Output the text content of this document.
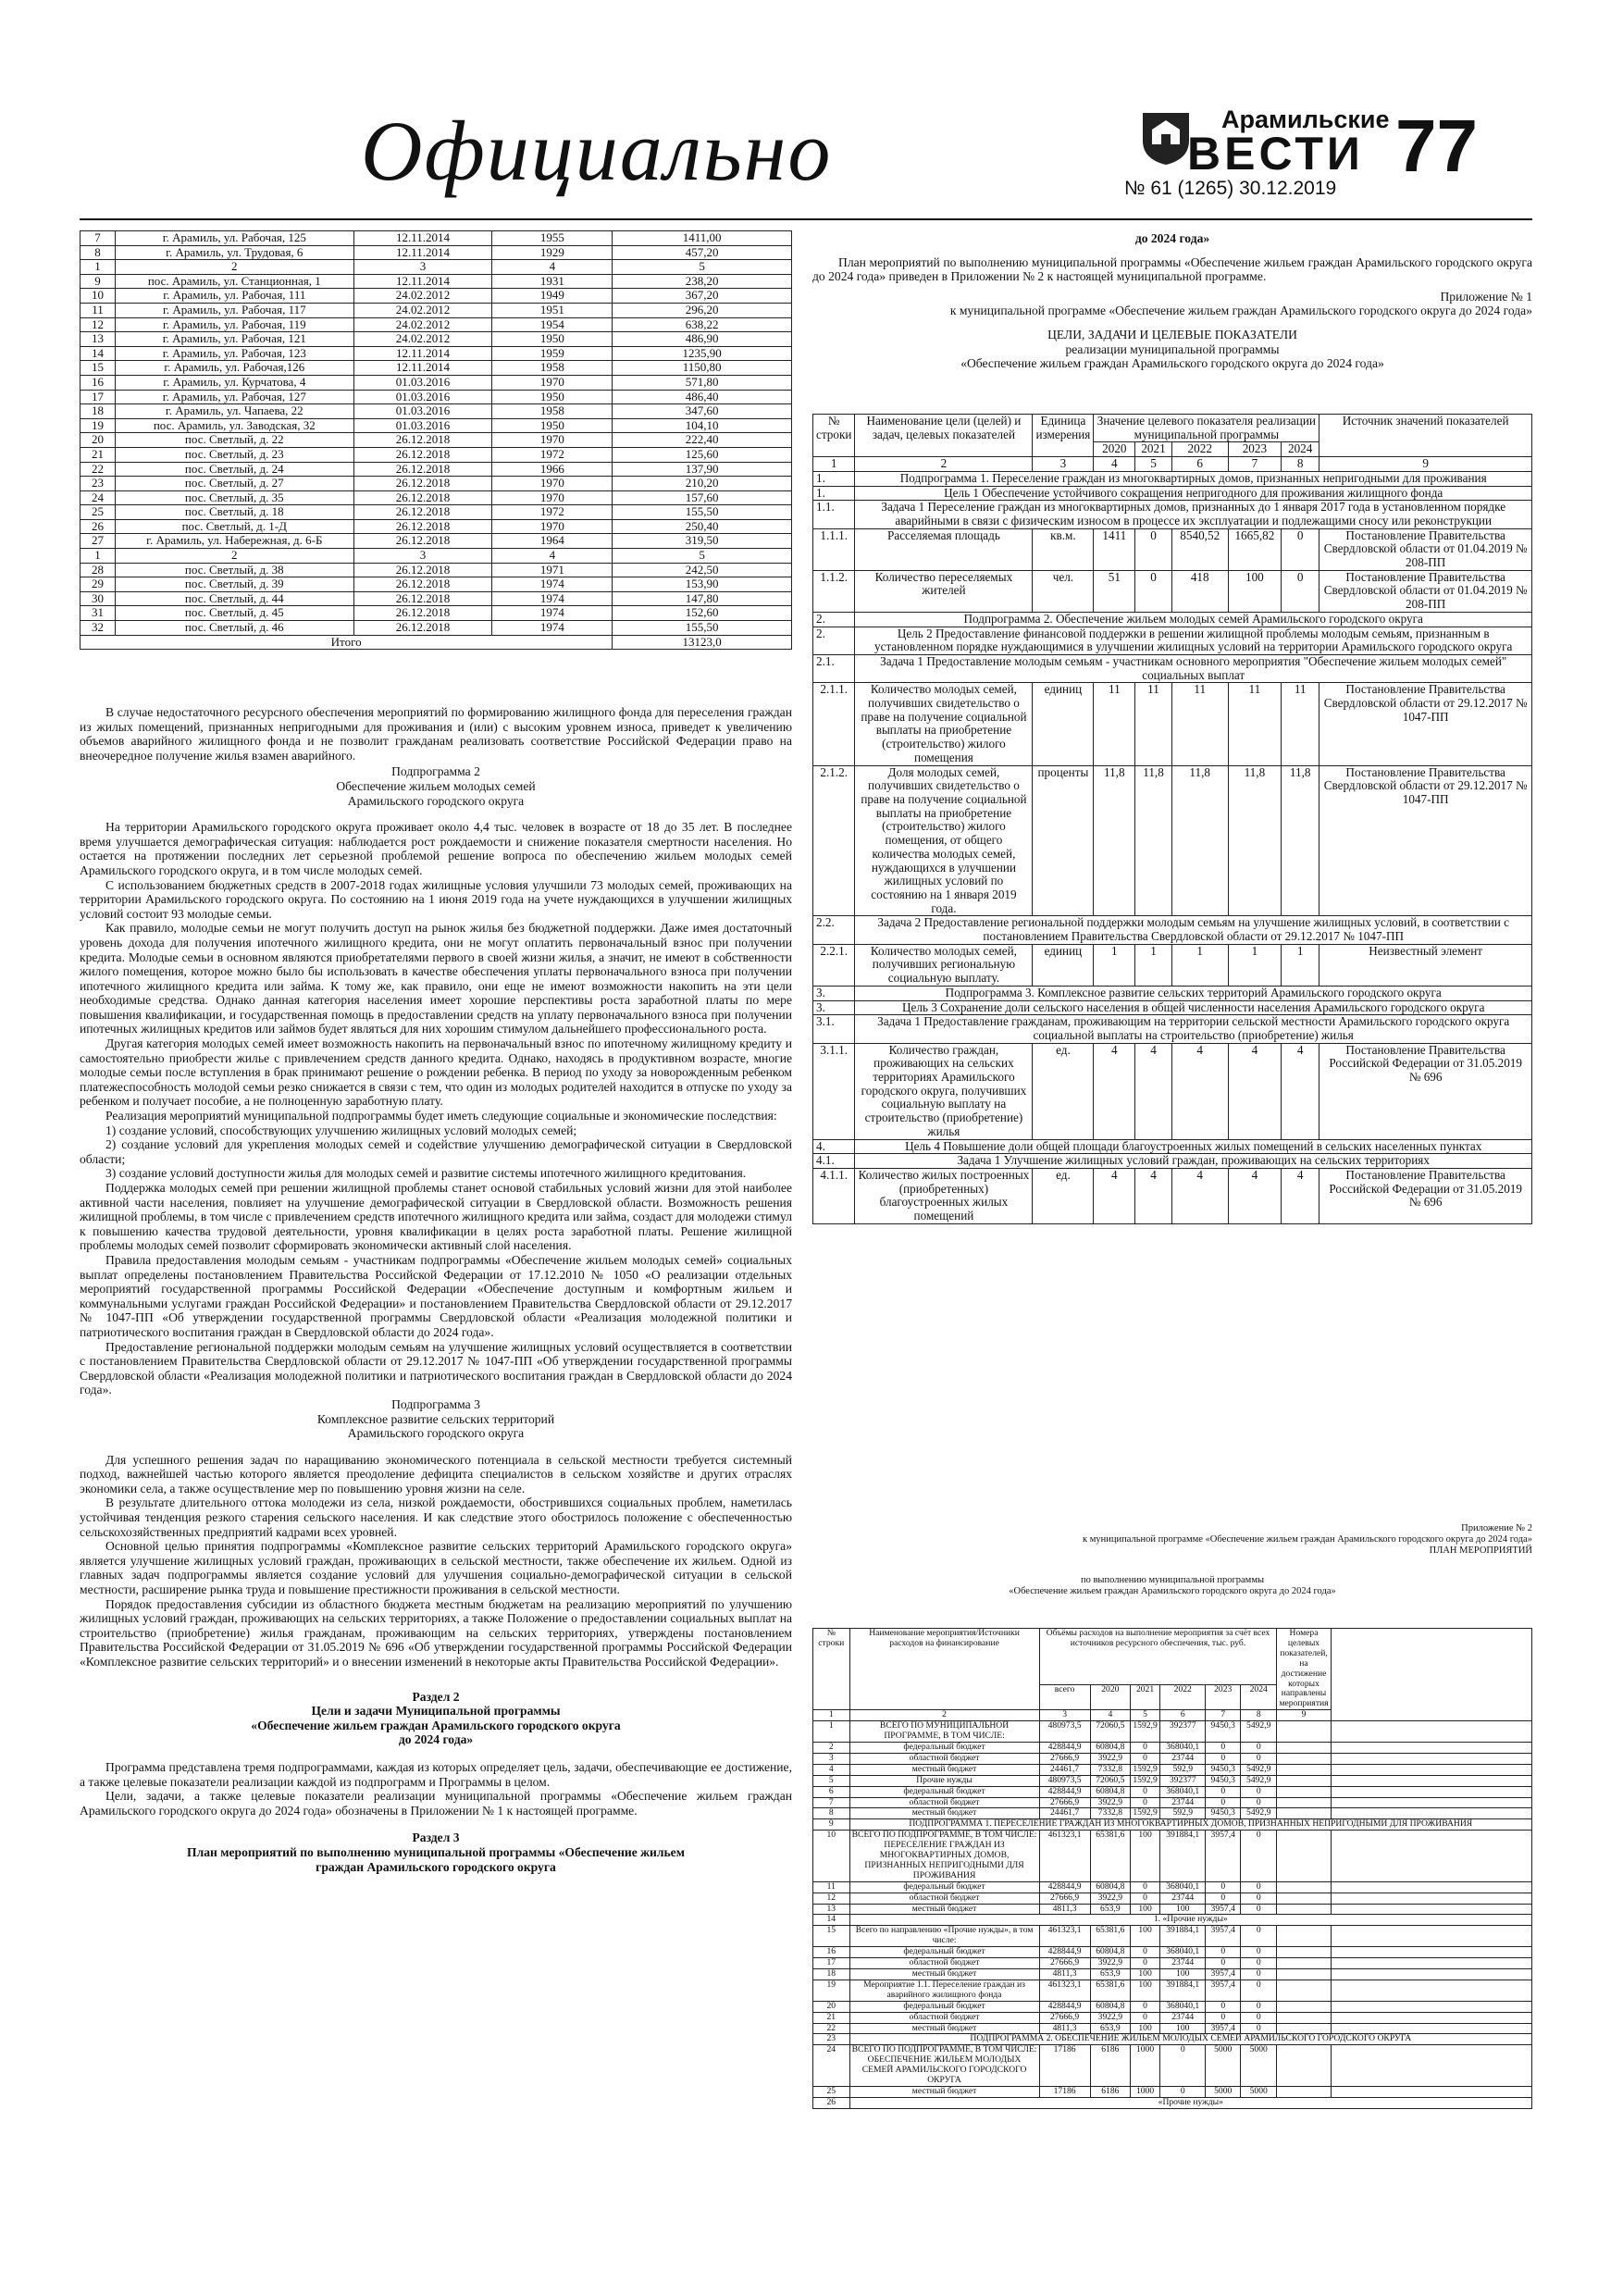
Официально	Арамильские
ВЕСТИ
№ 61 (1265) 30.12.2019
77
7	г. Арамиль, ул. Рабочая, 125	12.11.2014	1955	1411,00
8	г. Арамиль, ул. Трудовая, 6	12.11.2014	1929	457,20
1	2	3	4	5
9	пос. Арамиль, ул. Станционная, 1	12.11.2014	1931	238,20
10	г. Арамиль, ул. Рабочая, 111	24.02.2012	1949	367,20
11	г. Арамиль, ул. Рабочая, 117	24.02.2012	1951	296,20
12	г. Арамиль, ул. Рабочая, 119	24.02.2012	1954	638,22
13	г. Арамиль, ул. Рабочая, 121	24.02.2012	1950	486,90
14	г. Арамиль, ул. Рабочая, 123	12.11.2014	1959	1235,90
15	г. Арамиль, ул. Рабочая,126	12.11.2014	1958	1150,80
16	г. Арамиль, ул. Курчатова, 4	01.03.2016	1970	571,80
17	г. Арамиль, ул. Рабочая, 127	01.03.2016	1950	486,40
18	г. Арамиль, ул. Чапаева, 22	01.03.2016	1958	347,60
19	пос. Арамиль, ул. Заводская, 32	01.03.2016	1950	104,10
20	пос. Светлый, д. 22	26.12.2018	1970	222,40
21	пос. Светлый, д. 23	26.12.2018	1972	125,60
22	пос. Светлый, д. 24	26.12.2018	1966	137,90
23	пос. Светлый, д. 27	26.12.2018	1970	210,20
24	пос. Светлый, д. 35	26.12.2018	1970	157,60
25	пос. Светлый, д. 18	26.12.2018	1972	155,50
26	пос. Светлый, д. 1-Д	26.12.2018	1970	250,40
27	г. Арамиль, ул. Набережная, д. 6-Б	26.12.2018	1964	319,50
1	2	3	4	5
28	пос. Светлый, д. 38	26.12.2018	1971	242,50
29	пос. Светлый, д. 39	26.12.2018	1974	153,90
30	пос. Светлый, д. 44	26.12.2018	1974	147,80
31	пос. Светлый, д. 45	26.12.2018	1974	152,60
32	пос. Светлый, д. 46	26.12.2018	1974	155,50
Итого				13123,0

В случае недостаточного ресурсного обеспечения мероприятий по формированию жилищного фонда для переселения граждан из жилых помещений, признанных непригодными для проживания и (или) с высоким уровнем износа, приведет к увеличению объемов аварийного жилищного фонда и не позволит гражданам реализовать соответствие Российской Федерации право на внеочередное получение жилья взамен аварийного.

Подпрограмма 2

Обеспечение жильем молодых семей

Арамильского городского округа

На территории Арамильского городского округа проживает около 4,4 тыс. человек в возрасте от 18 до 35 лет. В последнее время улучшается демографическая ситуация: наблюдается рост рождаемости и снижение показателя смертности населения. Но остается на протяжении последних лет серьезной проблемой решение вопроса по обеспечению жильем молодых семей Арамильского городского округа, и в том числе молодых семей.

С использованием бюджетных средств в 2007-2018 годах жилищные условия улучшили 73 молодых семей, проживающих на территории Арамильского городского округа. По состоянию на 1 июня 2019 года на учете нуждающихся в улучшении жилищных условий состоит 93 молодые семьи.

Как правило, молодые семьи не могут получить доступ на рынок жилья без бюджетной поддержки. Даже имея достаточный уровень дохода для получения ипотечного жилищного кредита, они не могут оплатить первоначальный взнос при получении кредита. Молодые семьи в основном являются приобретателями первого в своей жизни жилья, а значит, не имеют в собственности жилого помещения, которое можно было бы использовать в качестве обеспечения уплаты первоначального взноса при получении ипотечного жилищного кредита или займа. К тому же, как правило, они еще не имеют возможности накопить на эти цели необходимые средства. Однако данная категория населения имеет хорошие перспективы роста заработной платы по мере повышения квалификации, и государственная помощь в предоставлении средств на уплату первоначального взноса при получении ипотечных жилищных кредитов или займов будет являться для них хорошим стимулом дальнейшего профессионального роста.

Другая категория молодых семей имеет возможность накопить на первоначальный взнос по ипотечному жилищному кредиту и самостоятельно приобрести жилье с привлечением средств данного кредита. Однако, находясь в продуктивном возрасте, многие молодые семьи после вступления в брак принимают решение о рождении ребенка. В период по уходу за новорожденным ребенком платежеспособность молодой семьи резко снижается в связи с тем, что один из молодых родителей находится в отпуске по уходу за ребенком и получает пособие, а не полноценную заработную плату.

Реализация мероприятий муниципальной подпрограммы будет иметь следующие социальные и экономические последствия:

1) создание условий, способствующих улучшению жилищных условий молодых семей;

2) создание условий для укрепления молодых семей и содействие улучшению демографической ситуации в Свердловской области;

3) создание условий доступности жилья для молодых семей и развитие системы ипотечного жилищного кредитования.

Поддержка молодых семей при решении жилищной проблемы станет основой стабильных условий жизни для этой наиболее активной части населения, повлияет на улучшение демографической ситуации в Свердловской области. Возможность решения жилищной проблемы, в том числе с привлечением средств ипотечного жилищного кредита или займа, создаст для молодежи стимул к повышению качества трудовой деятельности, уровня квалификации в целях роста заработной платы. Решение жилищной проблемы молодых семей позволит сформировать экономически активный слой населения.

Правила предоставления молодым семьям - участникам подпрограммы «Обеспечение жильем молодых семей» социальных выплат определены постановлением Правительства Российской Федерации от 17.12.2010 № 1050 «О реализации отдельных мероприятий государственной программы Российской Федерации «Обеспечение доступным и комфортным жильем и коммунальными услугами граждан Российской Федерации» и постановлением Правительства Свердловской области от 29.12.2017 № 1047-ПП «Об утверждении государственной программы Свердловской области «Реализация молодежной политики и патриотического воспитания граждан в Свердловской области до 2024 года».

Предоставление региональной поддержки молодым семьям на улучшение жилищных условий осуществляется в соответствии с постановлением Правительства Свердловской области от 29.12.2017 № 1047-ПП «Об утверждении государственной программы Свердловской области «Реализация молодежной политики и патриотического воспитания граждан в Свердловской области до 2024 года».

Подпрограмма 3

Комплексное развитие сельских территорий

Арамильского городского округа

Для успешного решения задач по наращиванию экономического потенциала в сельской местности требуется системный подход, важнейшей частью которого является преодоление дефицита специалистов в сельском хозяйстве и других отраслях экономики села, а также осуществление мер по повышению уровня жизни на селе.

В результате длительного оттока молодежи из села, низкой рождаемости, обострившихся социальных проблем, наметилась устойчивая тенденция резкого старения сельского населения. И как следствие этого обострилось положение с обеспеченностью сельскохозяйственных предприятий кадрами всех уровней.

Основной целью принятия подпрограммы «Комплексное развитие сельских территорий Арамильского городского округа» является улучшение жилищных условий граждан, проживающих в сельской местности, также обеспечение их жильем. Одной из главных задач подпрограммы является создание условий для улучшения социально-демографической ситуации в сельской местности, расширение рынка труда и повышение престижности проживания в сельской местности.

Порядок предоставления субсидии из областного бюджета местным бюджетам на реализацию мероприятий по улучшению жилищных условий граждан, проживающих на сельских территориях, а также Положение о предоставлении социальных выплат на строительство (приобретение) жилья гражданам, проживающим на сельских территориях, утверждены постановлением Правительства Российской Федерации от 31.05.2019 № 696 «Об утверждении государственной программы Российской Федерации «Комплексное развитие сельских территорий» и о внесении изменений в некоторые акты Правительства Российской Федерации».

Раздел 2

Цели и задачи Муниципальной программы

«Обеспечение жильем граждан Арамильского городского округа

до 2024 года»

Программа представлена тремя подпрограммами, каждая из которых определяет цель, задачи, обеспечивающие ее достижение, а также целевые показатели реализации каждой из подпрограмм и Программы в целом.

Цели, задачи, а также целевые показатели реализации муниципальной программы «Обеспечение жильем граждан Арамильского городского округа до 2024 года» обозначены в Приложении № 1 к настоящей программе.

Раздел 3

План мероприятий по выполнению муниципальной программы «Обеспечение жильем граждан Арамильского городского округа

до 2024 года»

План мероприятий по выполнению муниципальной программы «Обеспечение жильем граждан Арамильского городского округа до 2024 года» приведен в Приложении № 2 к настоящей муниципальной программе.

Приложение № 1

к муниципальной программе «Обеспечение жильем граждан Арамильского городского округа до 2024 года»

ЦЕЛИ, ЗАДАЧИ И ЦЕЛЕВЫЕ ПОКАЗАТЕЛИ

реализации муниципальной программы

«Обеспечение жильем граждан Арамильского городского округа до 2024 года»

№ строки	Наименование цели (целей) и задач, целевых показателей	Единица измерения	Значение целевого показателя реализации муниципальной программы					Источник значений показателей
			2020	2021	2022	2023	2024	
1	2	3	4	5	6	7	8	9
1.	Подпрограмма 1. Переселение граждан из многоквартирных домов, признанных непригодными для проживания							
1.	Цель 1 Обеспечение устойчивого сокращения непригодного для проживания жилищного фонда							
1.1.	Задача 1 Переселение граждан из многоквартирных домов, признанных до 1 января 2017 года в установленном порядке аварийными в связи с физическим износом в процессе их эксплуатации и подлежащими сносу или реконструкции							
1.1.1.	Расселяемая площадь	кв.м.	1411	0	8540,52	1665,82	0	Постановление Правительства Свердловской области от 01.04.2019 № 208-ПП
1.1.2.	Количество переселяемых жителей	чел.	51	0	418	100	0	Постановление Правительства Свердловской области от 01.04.2019 № 208-ПП
2.	Подпрограмма 2. Обеспечение жильем молодых семей Арамильского городского округа							
2.	Цель 2 Предоставление финансовой поддержки в решении жилищной проблемы молодым семьям, признанным в установленном порядке нуждающимися в улучшении жилищных условий на территории Арамильского городского округа							
2.1.	Задача 1 Предоставление молодым семьям - участникам основного мероприятия "Обеспечение жильем молодых семей" социальных выплат							
2.1.1.	Количество молодых семей, получивших свидетельство о праве на получение социальной выплаты на приобретение (строительство) жилого помещения	единиц	11	11	11	11	11	Постановление Правительства Свердловской области от 29.12.2017 № 1047-ПП
2.1.2.	Доля молодых семей, получивших свидетельство о праве на получение социальной выплаты на приобретение (строительство) жилого помещения, от общего количества молодых семей, нуждающихся в улучшении жилищных условий по состоянию на 1 января 2019 года.	проценты	11,8	11,8	11,8	11,8	11,8	Постановление Правительства Свердловской области от 29.12.2017 № 1047-ПП
2.2.	Задача 2 Предоставление региональной поддержки молодым семьям на улучшение жилищных условий, в соответствии с постановлением Правительства Свердловской области от 29.12.2017 № 1047-ПП							
2.2.1.	Количество молодых семей, получивших региональную социальную выплату.	единиц	1	1	1	1	1	Неизвестный элемент
3.	Подпрограмма 3. Комплексное развитие сельских территорий Арамильского городского округа							
3.	Цель 3 Сохранение доли сельского населения в общей численности населения Арамильского городского округа							
3.1.	Задача 1 Предоставление гражданам, проживающим на территории сельской местности Арамильского городского округа социальной выплаты на строительство (приобретение) жилья							
3.1.1.	Количество граждан, проживающих на сельских территориях Арамильского городского округа, получивших социальную выплату на строительство (приобретение) жилья	ед.	4	4	4	4	4	Постановление Правительства Российской Федерации от 31.05.2019 № 696
4.	Цель 4 Повышение доли общей площади благоустроенных жилых помещений в сельских населенных пунктах							
4.1.	Задача 1 Улучшение жилищных условий граждан, проживающих на сельских территориях							
4.1.1.	Количество жилых построенных (приобретенных) благоустроенных жилых помещений	ед.	4	4	4	4	4	Постановление Правительства Российской Федерации от 31.05.2019 № 696

Приложение № 2

к муниципальной программе «Обеспечение жильем граждан Арамильского городского округа до 2024 года»

ПЛАН МЕРОПРИЯТИЙ

по выполнению муниципальной программы

«Обеспечение жильем граждан Арамильского городского округа до 2024 года»

№ строки	Наименование мероприятия/Источники расходов на финансирование	Объёмы расходов на выполнение мероприятия за счёт всех источников ресурсного обеспечения, тыс. руб.						Номера целевых показателей, на достижение которых направлены мероприятия	
		всего	2020	2021	2022	2023	2024		
1	2	3	4	5	6	7	8	9	
1	ВСЕГО ПО МУНИЦИПАЛЬНОЙ ПРОГРАММЕ, В ТОМ ЧИСЛЕ:	480973,5	72060,5	1592,9	392377	9450,3	5492,9		
2	федеральный бюджет	428844,9	60804,8	0	368040,1	0	0		
3	областной бюджет	27666,9	3922,9	0	23744	0	0		
4	местный бюджет	24461,7	7332,8	1592,9	592,9	9450,3	5492,9		
5	Прочие нужды	480973,5	72060,5	1592,9	392377	9450,3	5492,9		
6	федеральный бюджет	428844,9	60804,8	0	368040,1	0	0		
7	областной бюджет	27666,9	3922,9	0	23744	0	0		
8	местный бюджет	24461,7	7332,8	1592,9	592,9	9450,3	5492,9		
9	ПОДПРОГРАММА 1. ПЕРЕСЕЛЕНИЕ ГРАЖДАН ИЗ МНОГОКВАРТИРНЫХ ДОМОВ, ПРИЗНАННЫХ НЕПРИГОДНЫМИ ДЛЯ ПРОЖИВАНИЯ								
10	ВСЕГО ПО ПОДПРОГРАММЕ, В ТОМ ЧИСЛЕ: ПЕРЕСЕЛЕНИЕ ГРАЖДАН ИЗ МНОГОКВАРТИРНЫХ ДОМОВ, ПРИЗНАННЫХ НЕПРИГОДНЫМИ ДЛЯ ПРОЖИВАНИЯ	461323,1	65381,6	100	391884,1	3957,4	0		
11	федеральный бюджет	428844,9	60804,8	0	368040,1	0	0		
12	областной бюджет	27666,9	3922,9	0	23744	0	0		
13	местный бюджет	4811,3	653,9	100	100	3957,4	0		
14	1. «Прочие нужды»								
15	Всего по направлению «Прочие нужды», в том числе:	461323,1	65381,6	100	391884,1	3957,4	0		
16	федеральный бюджет	428844,9	60804,8	0	368040,1	0	0		
17	областной бюджет	27666,9	3922,9	0	23744	0	0		
18	местный бюджет	4811,3	653,9	100	100	3957,4	0		
19	Мероприятие 1.1. Переселение граждан из аварийного жилищного фонда	461323,1	65381,6	100	391884,1	3957,4	0		
20	федеральный бюджет	428844,9	60804,8	0	368040,1	0	0		
21	областной бюджет	27666,9	3922,9	0	23744	0	0		
22	местный бюджет	4811,3	653,9	100	100	3957,4	0		
23	ПОДПРОГРАММА 2. ОБЕСПЕЧЕНИЕ ЖИЛЬЕМ МОЛОДЫХ СЕМЕЙ АРАМИЛЬСКОГО ГОРОДСКОГО ОКРУГА								
24	ВСЕГО ПО ПОДПРОГРАММЕ, В ТОМ ЧИСЛЕ: ОБЕСПЕЧЕНИЕ ЖИЛЬЕМ МОЛОДЫХ СЕМЕЙ АРАМИЛЬСКОГО ГОРОДСКОГО ОКРУГА	17186	6186	1000	0	5000	5000		
25	местный бюджет	17186	6186	1000	0	5000	5000		
26	«Прочие нужды»								
